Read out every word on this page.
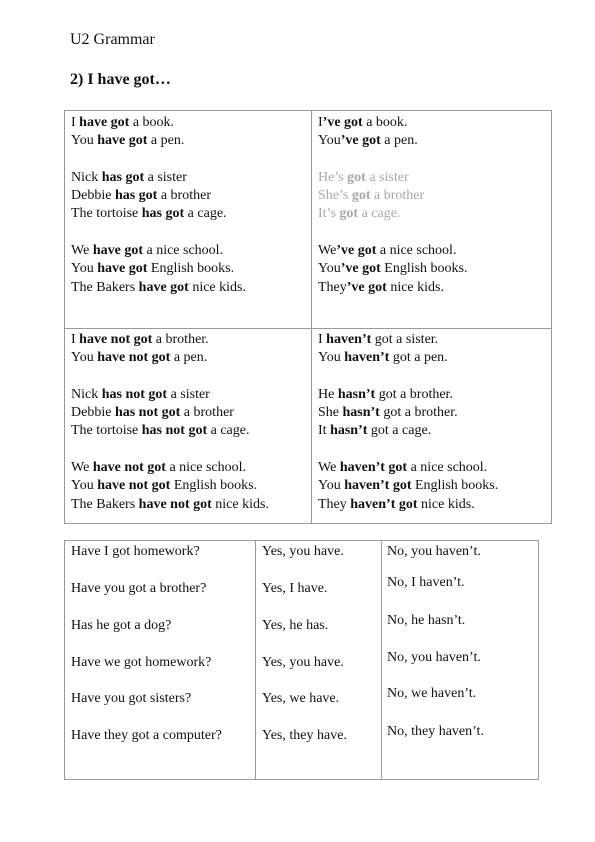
U2 Grammar
2) I have got…
I have got a book.
You have got a pen.
Nick has got a sister
Debbie has got a brother
The tortoise has got a cage.
We have got a nice school.
You have got English books.
The Bakers have got nice kids.
I’ve got a book.
You’ve got a pen.
He’s got a sister
She’s got a brother
It’s got a cage.
We’ve got a nice school.
You’ve got English books.
They’ve got nice kids.
I have not got a brother.
You have not got a pen.
Nick has not got a sister
Debbie has not got a brother
The tortoise has not got a cage.
We have not got a nice school.
You have not got English books.
The Bakers have not got nice kids.
I haven’t got a sister.
You haven’t got a pen.
He hasn’t got a brother.
She hasn’t got a brother.
It hasn’t got a cage.
We haven’t got a nice school.
You haven’t got English books.
They haven’t got nice kids.
Have I got homework?
Have you got a brother?
Has he got a dog?
Have we got homework?
Have you got sisters?
Have they got a computer?
Yes, you have.
Yes, I have.
Yes, he has.
Yes, you have.
Yes, we have.
Yes, they have.
No, you haven’t.
No, I haven’t.
No, he hasn’t.
No, you haven’t.
No, we haven’t.
No, they haven’t.
